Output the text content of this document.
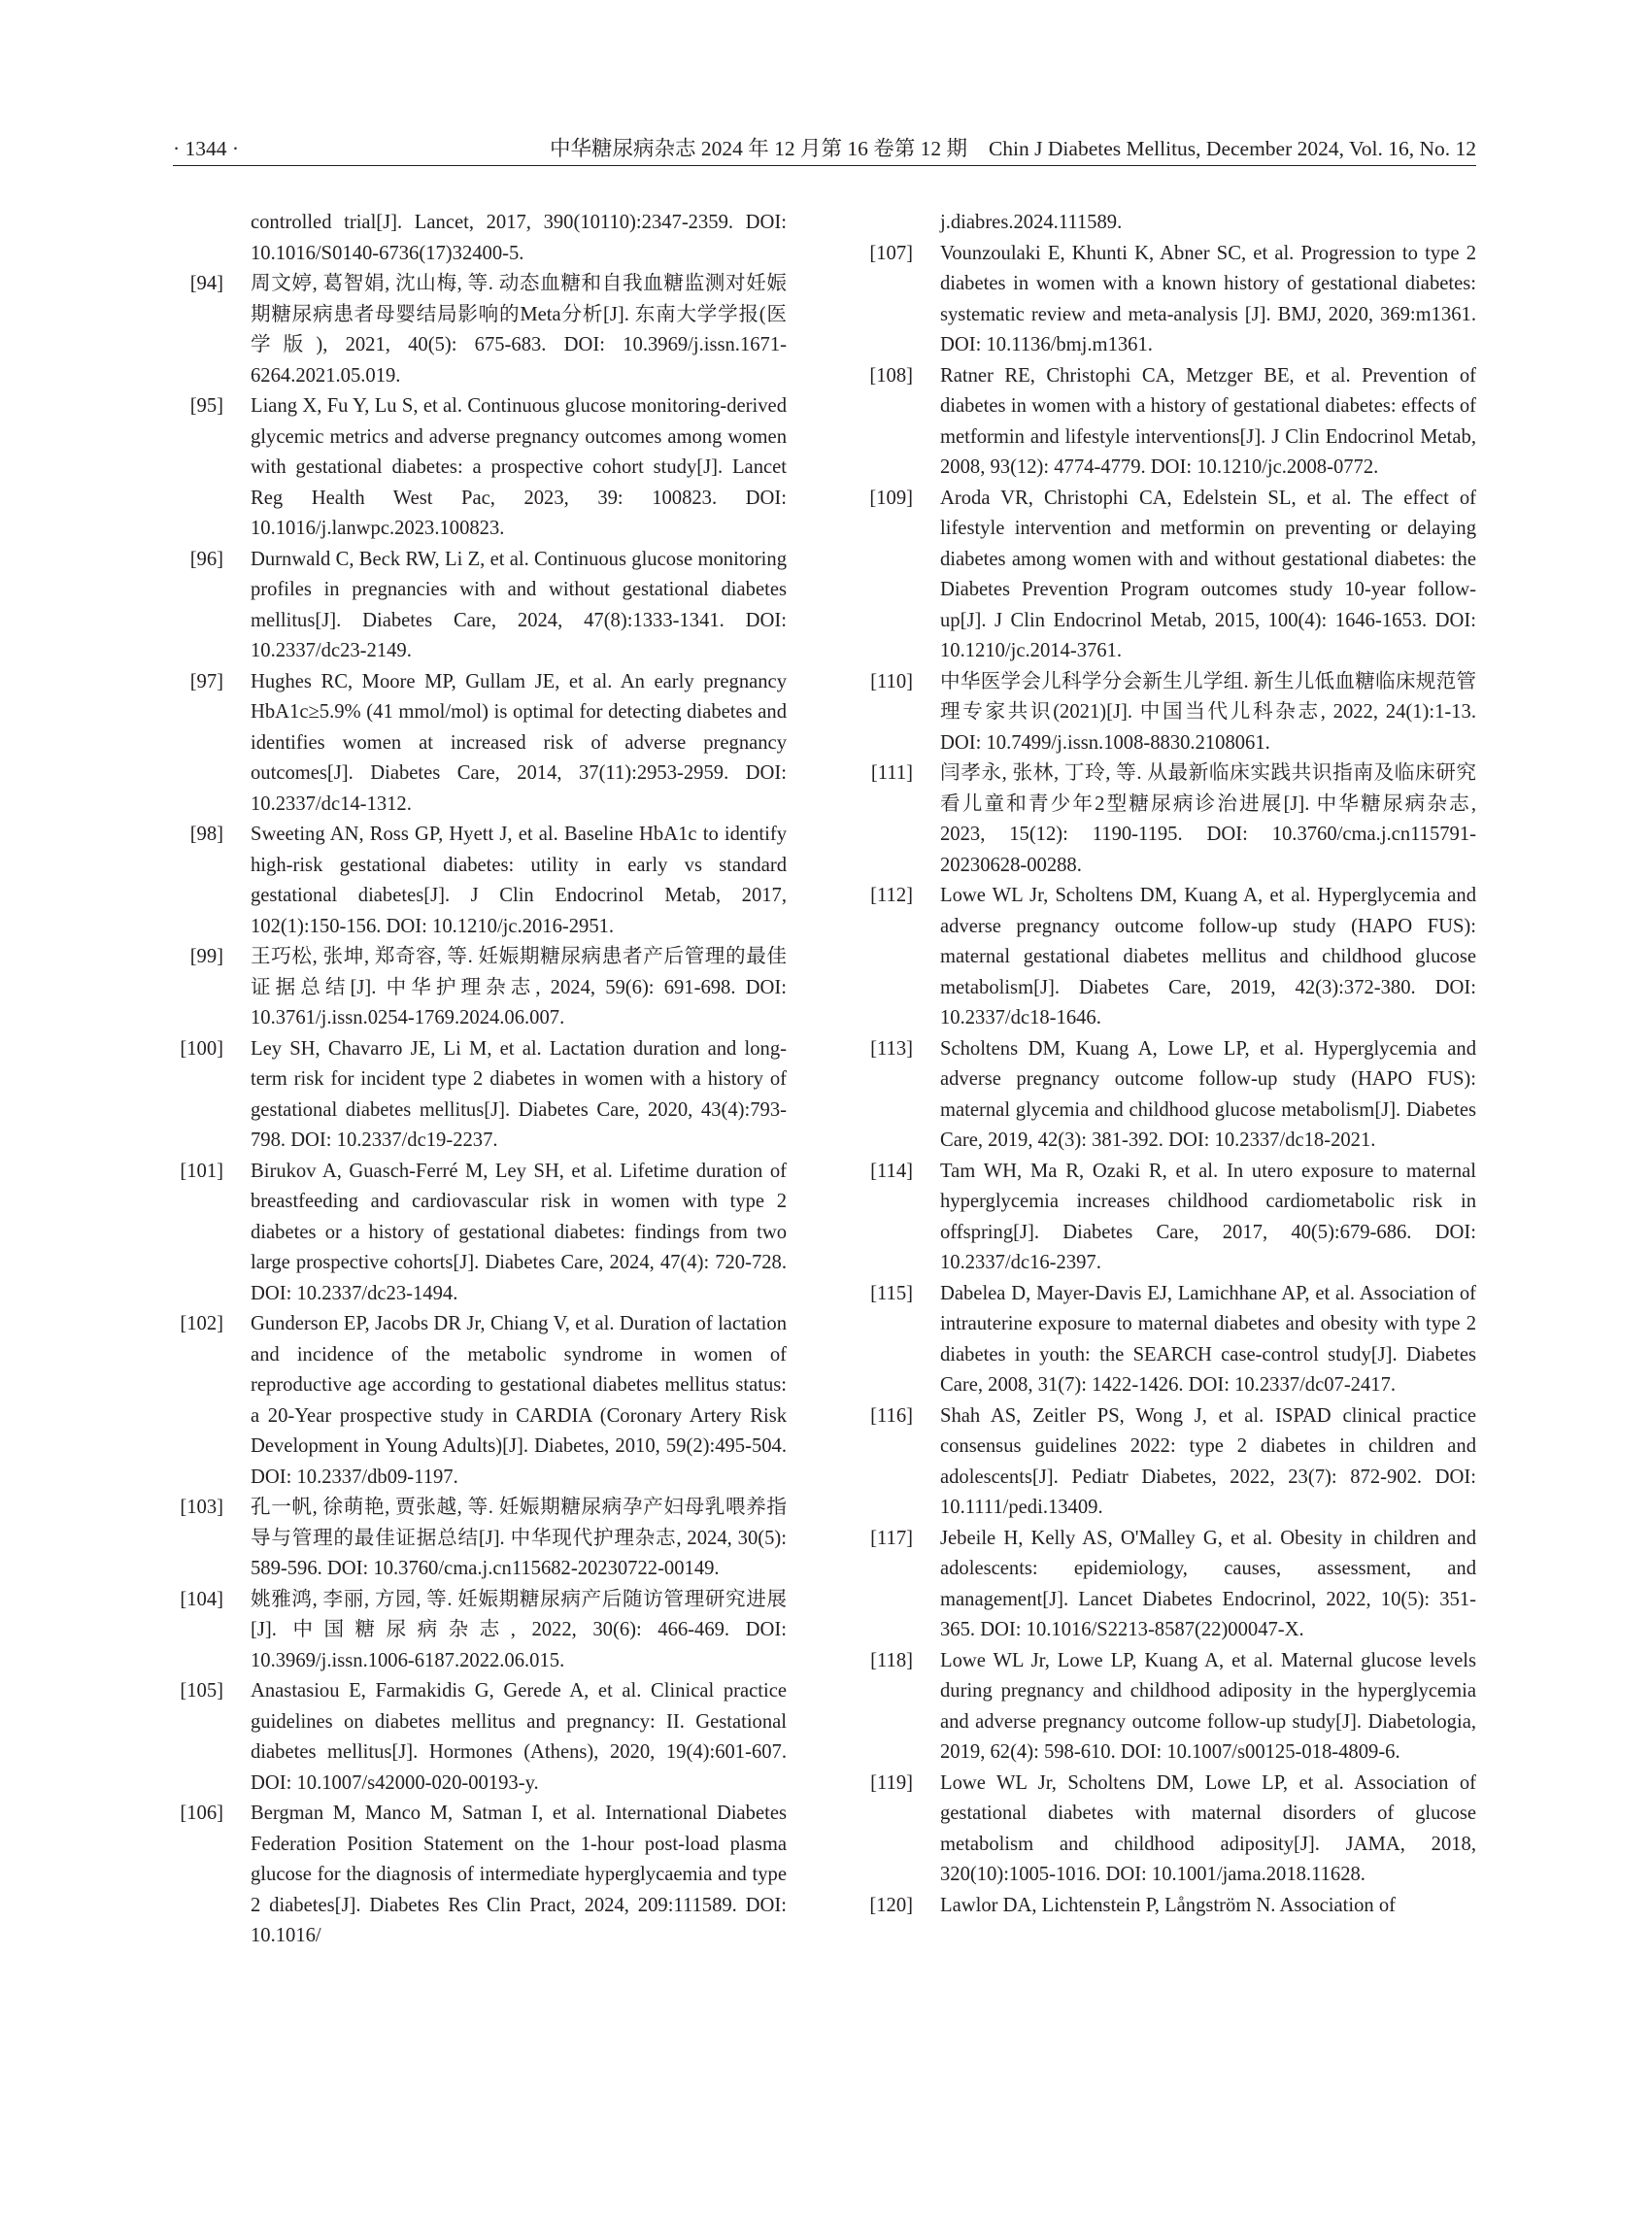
· 1344 ·	中华糖尿病杂志 2024 年 12 月第 16 卷第 12 期 Chin J Diabetes Mellitus, December 2024, Vol. 16, No. 12
controlled trial[J]. Lancet, 2017, 390(10110):2347-2359. DOI: 10.1016/S0140-6736(17)32400-5.
[94] 周文婷, 葛智娟, 沈山梅, 等. 动态血糖和自我血糖监测对妊娠期糖尿病患者母婴结局影响的Meta分析[J]. 东南大学学报(医学版), 2021, 40(5): 675-683. DOI: 10.3969/j.issn.1671-6264.2021.05.019.
[95] Liang X, Fu Y, Lu S, et al. Continuous glucose monitoring-derived glycemic metrics and adverse pregnancy outcomes among women with gestational diabetes: a prospective cohort study[J]. Lancet Reg Health West Pac, 2023, 39: 100823. DOI: 10.1016/j.lanwpc.2023.100823.
[96] Durnwald C, Beck RW, Li Z, et al. Continuous glucose monitoring profiles in pregnancies with and without gestational diabetes mellitus[J]. Diabetes Care, 2024, 47(8):1333-1341. DOI: 10.2337/dc23-2149.
[97] Hughes RC, Moore MP, Gullam JE, et al. An early pregnancy HbA1c≥5.9% (41 mmol/mol) is optimal for detecting diabetes and identifies women at increased risk of adverse pregnancy outcomes[J]. Diabetes Care, 2014, 37(11):2953-2959. DOI: 10.2337/dc14-1312.
[98] Sweeting AN, Ross GP, Hyett J, et al. Baseline HbA1c to identify high-risk gestational diabetes: utility in early vs standard gestational diabetes[J]. J Clin Endocrinol Metab, 2017, 102(1):150-156. DOI: 10.1210/jc.2016-2951.
[99] 王巧松, 张坤, 郑奇容, 等. 妊娠期糖尿病患者产后管理的最佳证据总结[J]. 中华护理杂志, 2024, 59(6): 691-698. DOI: 10.3761/j.issn.0254-1769.2024.06.007.
[100] Ley SH, Chavarro JE, Li M, et al. Lactation duration and long-term risk for incident type 2 diabetes in women with a history of gestational diabetes mellitus[J]. Diabetes Care, 2020, 43(4):793-798. DOI: 10.2337/dc19-2237.
[101] Birukov A, Guasch-Ferré M, Ley SH, et al. Lifetime duration of breastfeeding and cardiovascular risk in women with type 2 diabetes or a history of gestational diabetes: findings from two large prospective cohorts[J]. Diabetes Care, 2024, 47(4): 720-728. DOI: 10.2337/dc23-1494.
[102] Gunderson EP, Jacobs DR Jr, Chiang V, et al. Duration of lactation and incidence of the metabolic syndrome in women of reproductive age according to gestational diabetes mellitus status: a 20-Year prospective study in CARDIA (Coronary Artery Risk Development in Young Adults)[J]. Diabetes, 2010, 59(2):495-504. DOI: 10.2337/db09-1197.
[103] 孔一帆, 徐萌艳, 贾张越, 等. 妊娠期糖尿病孕产妇母乳喂养指导与管理的最佳证据总结[J]. 中华现代护理杂志, 2024, 30(5): 589-596. DOI: 10.3760/cma.j.cn115682-20230722-00149.
[104] 姚雅鸿, 李丽, 方园, 等. 妊娠期糖尿病产后随访管理研究进展[J]. 中国糖尿病杂志, 2022, 30(6): 466-469. DOI: 10.3969/j.issn.1006-6187.2022.06.015.
[105] Anastasiou E, Farmakidis G, Gerede A, et al. Clinical practice guidelines on diabetes mellitus and pregnancy: II. Gestational diabetes mellitus[J]. Hormones (Athens), 2020, 19(4):601-607. DOI: 10.1007/s42000-020-00193-y.
[106] Bergman M, Manco M, Satman I, et al. International Diabetes Federation Position Statement on the 1-hour post-load plasma glucose for the diagnosis of intermediate hyperglycaemia and type 2 diabetes[J]. Diabetes Res Clin Pract, 2024, 209:111589. DOI: 10.1016/
j.diabres.2024.111589.
[107] Vounzoulaki E, Khunti K, Abner SC, et al. Progression to type 2 diabetes in women with a known history of gestational diabetes: systematic review and meta-analysis [J]. BMJ, 2020, 369:m1361. DOI: 10.1136/bmj.m1361.
[108] Ratner RE, Christophi CA, Metzger BE, et al. Prevention of diabetes in women with a history of gestational diabetes: effects of metformin and lifestyle interventions[J]. J Clin Endocrinol Metab, 2008, 93(12): 4774-4779. DOI: 10.1210/jc.2008-0772.
[109] Aroda VR, Christophi CA, Edelstein SL, et al. The effect of lifestyle intervention and metformin on preventing or delaying diabetes among women with and without gestational diabetes: the Diabetes Prevention Program outcomes study 10-year follow-up[J]. J Clin Endocrinol Metab, 2015, 100(4): 1646-1653. DOI: 10.1210/jc.2014-3761.
[110] 中华医学会儿科学分会新生儿学组. 新生儿低血糖临床规范管理专家共识(2021)[J]. 中国当代儿科杂志, 2022, 24(1):1-13. DOI: 10.7499/j.issn.1008-8830.2108061.
[111] 闫孝永, 张林, 丁玲, 等. 从最新临床实践共识指南及临床研究看儿童和青少年2型糖尿病诊治进展[J]. 中华糖尿病杂志, 2023, 15(12): 1190-1195. DOI: 10.3760/cma.j.cn115791-20230628-00288.
[112] Lowe WL Jr, Scholtens DM, Kuang A, et al. Hyperglycemia and adverse pregnancy outcome follow-up study (HAPO FUS): maternal gestational diabetes mellitus and childhood glucose metabolism[J]. Diabetes Care, 2019, 42(3):372-380. DOI: 10.2337/dc18-1646.
[113] Scholtens DM, Kuang A, Lowe LP, et al. Hyperglycemia and adverse pregnancy outcome follow-up study (HAPO FUS): maternal glycemia and childhood glucose metabolism[J]. Diabetes Care, 2019, 42(3): 381-392. DOI: 10.2337/dc18-2021.
[114] Tam WH, Ma R, Ozaki R, et al. In utero exposure to maternal hyperglycemia increases childhood cardiometabolic risk in offspring[J]. Diabetes Care, 2017, 40(5):679-686. DOI: 10.2337/dc16-2397.
[115] Dabelea D, Mayer-Davis EJ, Lamichhane AP, et al. Association of intrauterine exposure to maternal diabetes and obesity with type 2 diabetes in youth: the SEARCH case-control study[J]. Diabetes Care, 2008, 31(7): 1422-1426. DOI: 10.2337/dc07-2417.
[116] Shah AS, Zeitler PS, Wong J, et al. ISPAD clinical practice consensus guidelines 2022: type 2 diabetes in children and adolescents[J]. Pediatr Diabetes, 2022, 23(7): 872-902. DOI: 10.1111/pedi.13409.
[117] Jebeile H, Kelly AS, O'Malley G, et al. Obesity in children and adolescents: epidemiology, causes, assessment, and management[J]. Lancet Diabetes Endocrinol, 2022, 10(5): 351-365. DOI: 10.1016/S2213-8587(22)00047-X.
[118] Lowe WL Jr, Lowe LP, Kuang A, et al. Maternal glucose levels during pregnancy and childhood adiposity in the hyperglycemia and adverse pregnancy outcome follow-up study[J]. Diabetologia, 2019, 62(4): 598-610. DOI: 10.1007/s00125-018-4809-6.
[119] Lowe WL Jr, Scholtens DM, Lowe LP, et al. Association of gestational diabetes with maternal disorders of glucose metabolism and childhood adiposity[J]. JAMA, 2018, 320(10):1005-1016. DOI: 10.1001/jama.2018.11628.
[120] Lawlor DA, Lichtenstein P, Långström N. Association of
